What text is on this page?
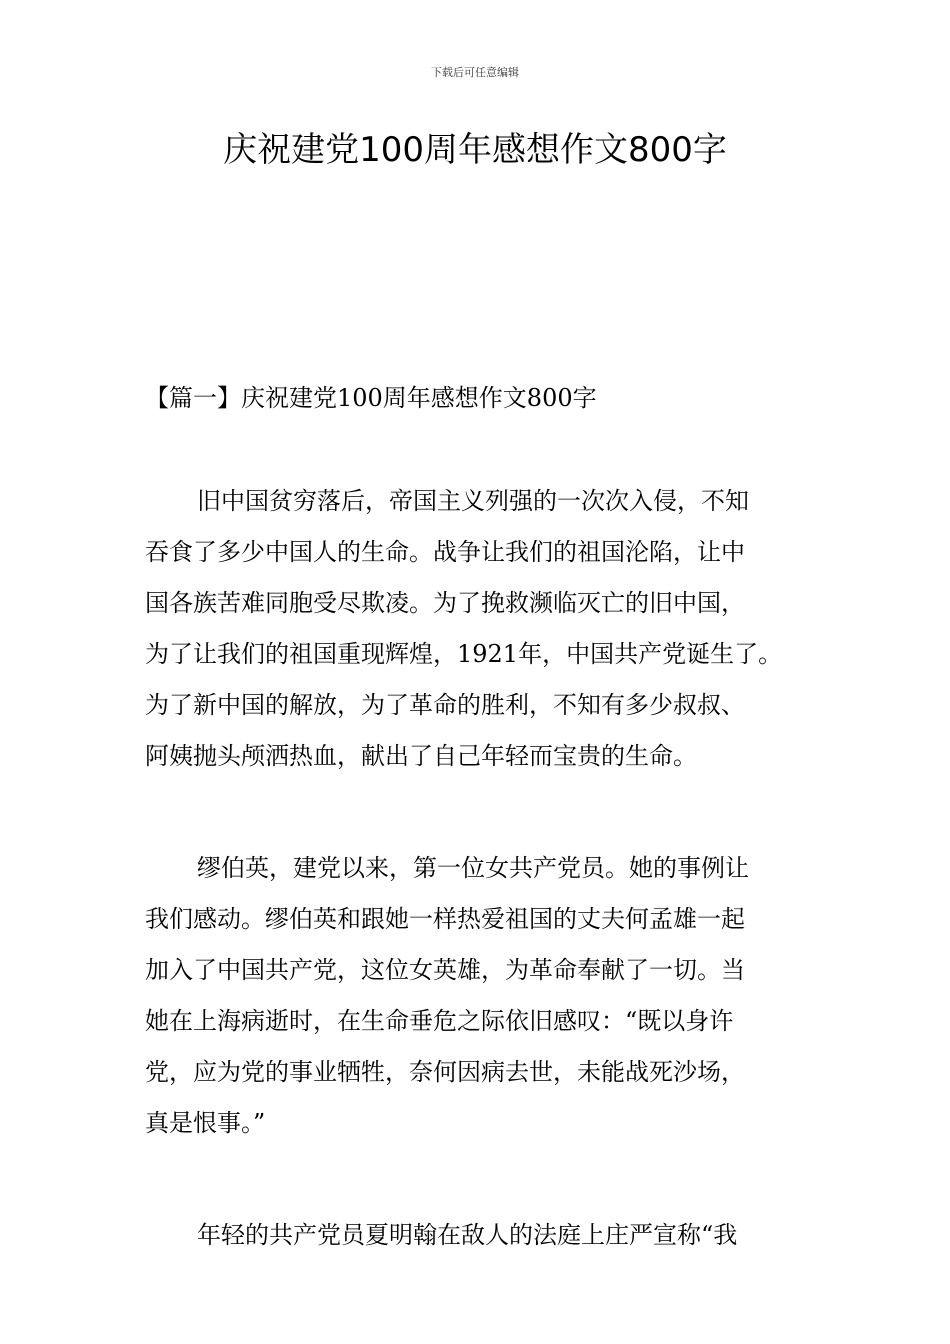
下载后可任意编辑
庆祝建党100周年感想作文800字
【篇一】庆祝建党100周年感想作文800字

旧中国贫穷落后，帝国主义列强的一次次入侵，不知
吞食了多少中国人的生命。战争让我们的祖国沦陷，让中
国各族苦难同胞受尽欺凌。为了挽救濒临灭亡的旧中国，
为了让我们的祖国重现辉煌，1921年，中国共产党诞生了。
为了新中国的解放，为了革命的胜利，不知有多少叔叔、
阿姨抛头颅洒热血，献出了自己年轻而宝贵的生命。

缪伯英，建党以来，第一位女共产党员。她的事例让
我们感动。缪伯英和跟她一样热爱祖国的丈夫何孟雄一起
加入了中国共产党，这位女英雄，为革命奉献了一切。当
她在上海病逝时，在生命垂危之际依旧感叹：“既以身许
党，应为党的事业牺牲，奈何因病去世，未能战死沙场，
真是恨事。”

年轻的共产党员夏明翰在敌人的法庭上庄严宣称“我
